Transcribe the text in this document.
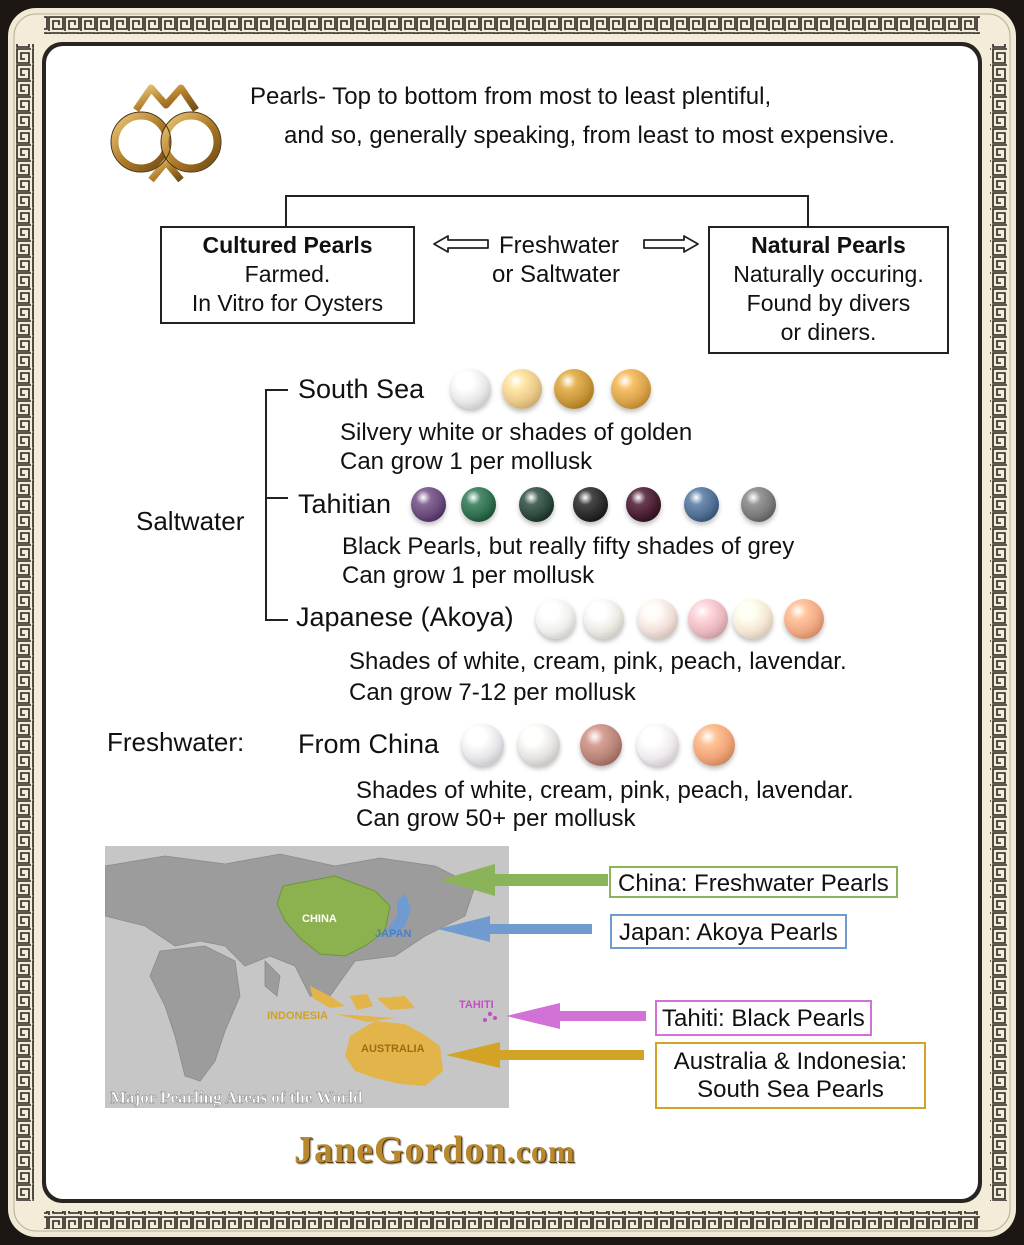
Pearls- Top to bottom from most to least plentiful,
and so, generally speaking, from least to most expensive.
Cultured Pearls
Farmed.
In Vitro for Oysters
Natural Pearls
Naturally occuring.
Found by divers
or diners.
Freshwater
or Saltwater
Saltwater
Freshwater:
South Sea
Silvery white or shades of golden
Can grow 1 per mollusk
Tahitian
Black Pearls, but really fifty shades of grey
Can grow 1 per mollusk
Japanese (Akoya)
Shades of white, cream, pink, peach, lavendar.
Can grow 7-12 per mollusk
From China
Shades of white, cream, pink, peach, lavendar.
Can grow 50+ per mollusk
Major Pearling Areas of the World
CHINA
JAPAN
INDONESIA
TAHITI
AUSTRALIA
China: Freshwater Pearls
Japan: Akoya Pearls
Tahiti: Black Pearls
Australia & Indonesia:
South Sea Pearls
JaneGordon.com
